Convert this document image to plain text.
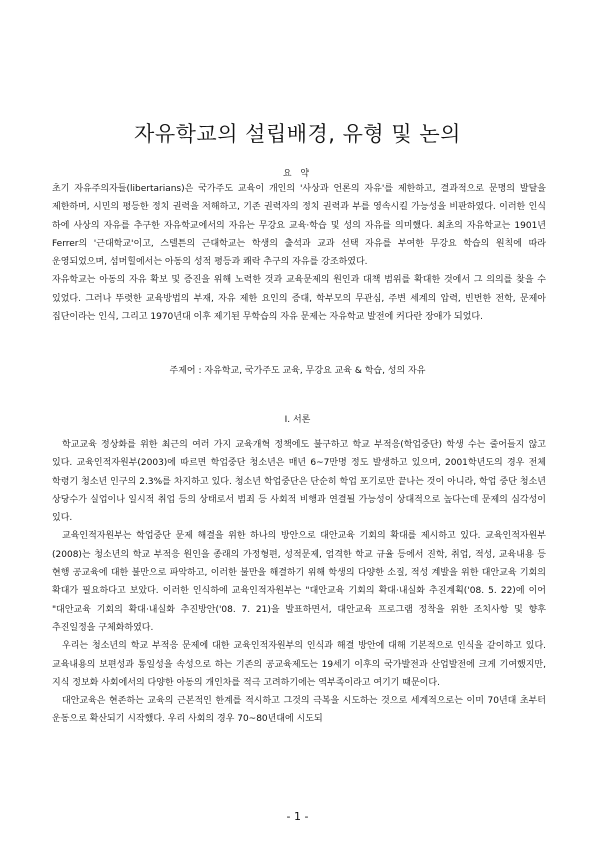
자유학교의 설립배경, 유형 및 논의
요 약

초기 자유주의자들(libertarians)은 국가주도 교육이 개인의 '사상과 언론의 자유'를 제한하고, 결과적으로 문명의 발달을 제한하며, 시민의 평등한 정치 권력을 저해하고, 기존 권력자의 정치 권력과 부를 영속시킬 가능성을 비판하였다. 이러한 인식 하에 사상의 자유를 추구한 자유학교에서의 자유는 무강요 교육·학습 및 성의 자유를 의미했다. 최초의 자유학교는 1901년 Ferrer의 '근대학교'이고, 스텔튼의 근대학교는 학생의 출석과 교과 선택 자유를 부여한 무강요 학습의 원칙에 따라 운영되었으며, 섬머힐에서는 아동의 성적 평등과 쾌락 추구의 자유를 강조하였다.

자유학교는 아동의 자유 확보 및 증진을 위해 노력한 것과 교육문제의 원인과 대책 범위를 확대한 것에서 그 의의를 찾을 수 있었다. 그러나 뚜렷한 교육방법의 부재, 자유 제한 요인의 증대, 학부모의 무관심, 주변 세계의 압력, 빈번한 전학, 문제아 집단이라는 인식, 그리고 1970년대 이후 제기된 무학습의 자유 문제는 자유학교 발전에 커다란 장애가 되었다.

주제어 : 자유학교, 국가주도 교육, 무강요 교육 & 학습, 성의 자유
I. 서론

학교교육 정상화를 위한 최근의 여러 가지 교육개혁 정책에도 불구하고 학교 부적응(학업중단) 학생 수는 줄어들지 않고 있다. 교육인적자원부(2003)에 따르면 학업중단 청소년은 매년 6~7만명 정도 발생하고 있으며, 2001학년도의 경우 전체 학령기 청소년 인구의 2.3%를 차지하고 있다. 청소년 학업중단은 단순히 학업 포기로만 끝나는 것이 아니라, 학업 중단 청소년 상당수가 실업이나 일시적 취업 등의 상태로서 범죄 등 사회적 비행과 연결될 가능성이 상대적으로 높다는데 문제의 심각성이 있다.

교육인적자원부는 학업중단 문제 해결을 위한 하나의 방안으로 대안교육 기회의 확대를 제시하고 있다. 교육인적자원부(2008)는 청소년의 학교 부적응 원인을 종래의 가정형편, 성적문제, 엄격한 학교 규율 등에서 진학, 취업, 적성, 교육내용 등 현행 공교육에 대한 불만으로 파악하고, 이러한 불만을 해결하기 위해 학생의 다양한 소질, 적성 계발을 위한 대안교육 기회의 확대가 필요하다고 보았다. 이러한 인식하에 교육인적자원부는 "대안교육 기회의 확대·내실화 추진계획('08. 5. 22)에 이어 "대안교육 기회의 확대·내실화 추진방안('08. 7. 21)을 발표하면서, 대안교육 프로그램 정착을 위한 조치사항 및 향후 추진일정을 구체화하였다.

우리는 청소년의 학교 부적응 문제에 대한 교육인적자원부의 인식과 해결 방안에 대해 기본적으로 인식을 같이하고 있다. 교육내용의 보편성과 통일성을 속성으로 하는 기존의 공교육제도는 19세기 이후의 국가발전과 산업발전에 크게 기여했지만, 지식 정보화 사회에서의 다양한 아동의 개인차를 적극 고려하기에는 역부족이라고 여기기 때문이다.

대안교육은 현존하는 교육의 근본적인 한계를 적시하고 그것의 극복을 시도하는 것으로 세계적으로는 이미 70년대 초부터 운동으로 확산되기 시작했다. 우리 사회의 경우 70~80년대에 시도되

- 1 -
